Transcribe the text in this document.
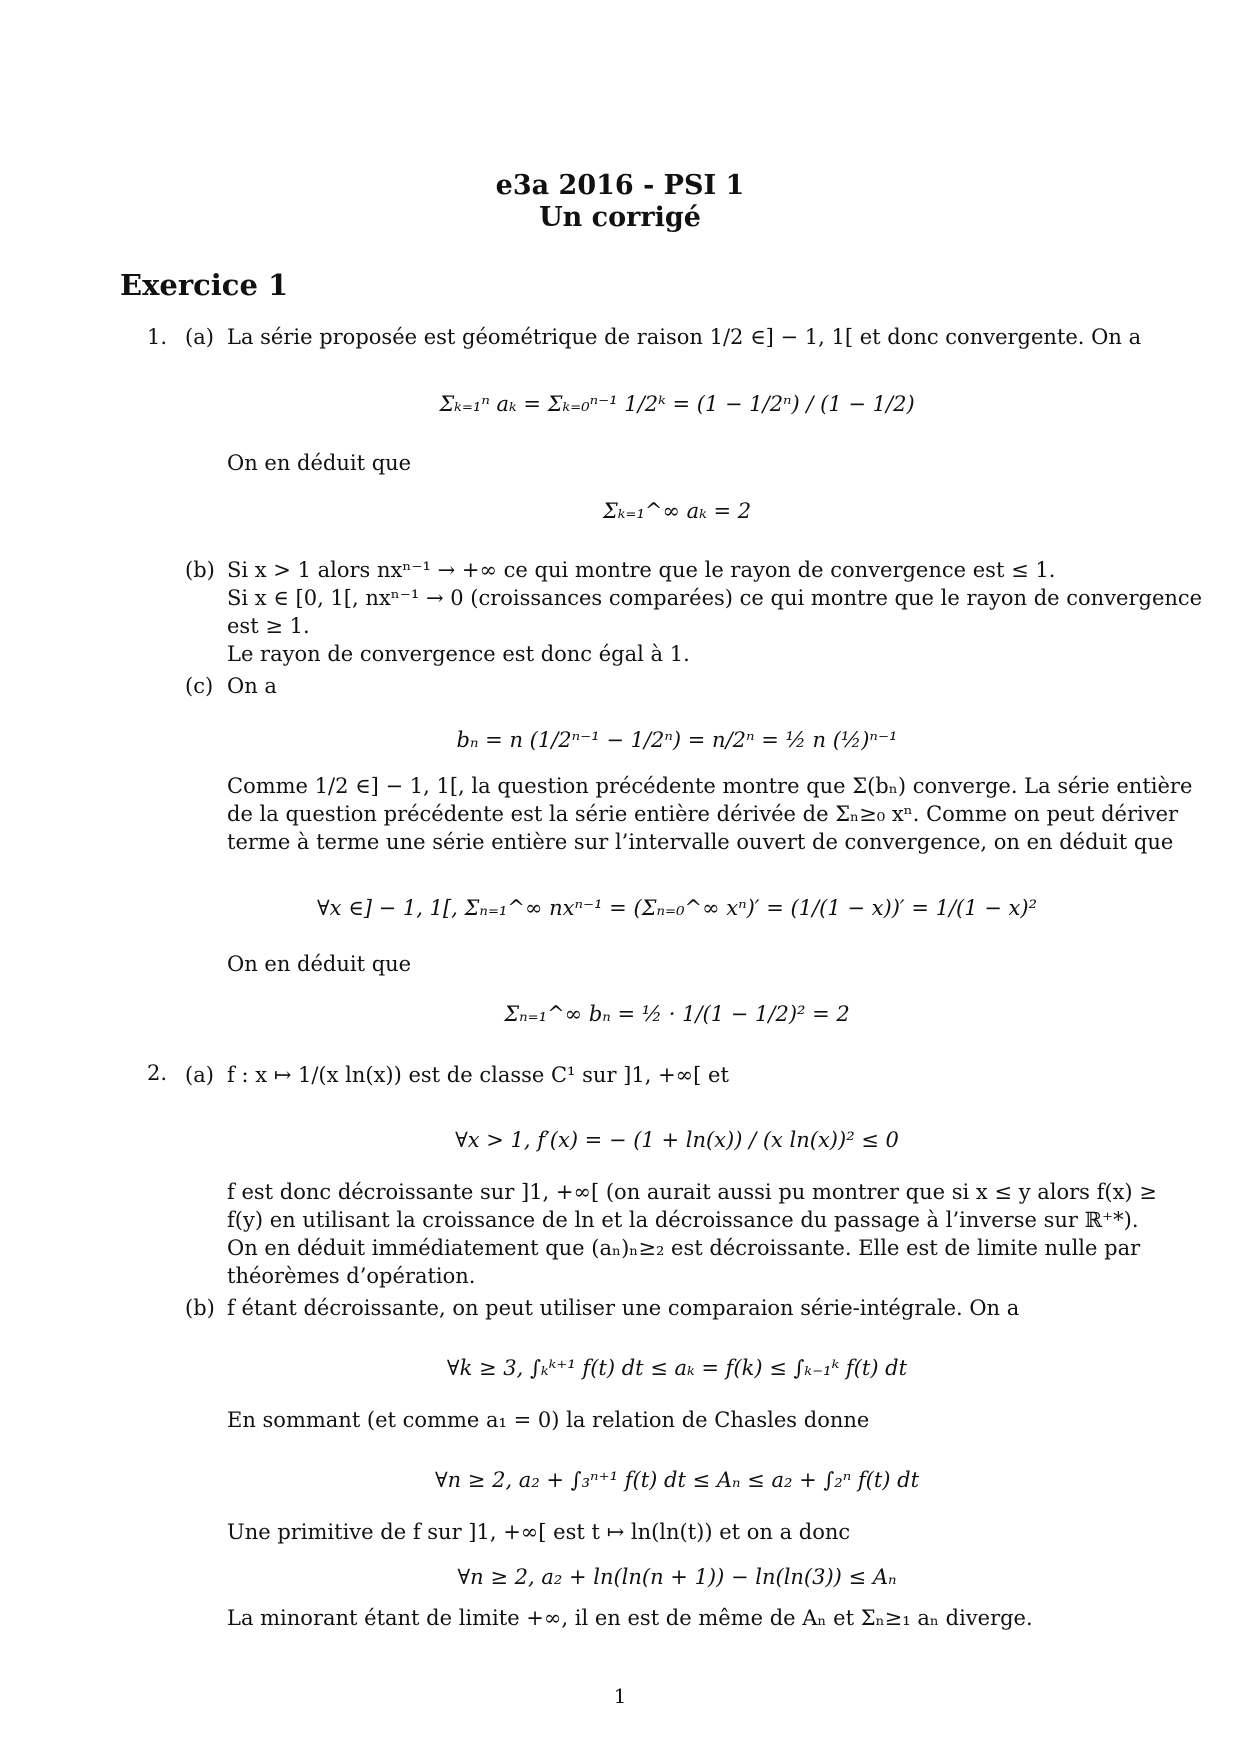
e3a 2016 - PSI 1
Un corrigé
Exercice 1
1. (a) La série proposée est géométrique de raison 1/2 ∈] − 1, 1[ et donc convergente. On a
Σₖ₌₁ⁿ aₖ = Σₖ₌₀ⁿ⁻¹ 1/2ᵏ = (1 − 1/2ⁿ) / (1 − 1/2)
On en déduit que
Σₖ₌₁^∞ aₖ = 2
(b) Si x > 1 alors nxⁿ⁻¹ → +∞ ce qui montre que le rayon de convergence est ≤ 1.
Si x ∈ [0, 1[, nxⁿ⁻¹ → 0 (croissances comparées) ce qui montre que le rayon de convergence
est ≥ 1.
Le rayon de convergence est donc égal à 1.
(c) On a
bₙ = n (1/2ⁿ⁻¹ − 1/2ⁿ) = n/2ⁿ = ½ n (½)ⁿ⁻¹
Comme 1/2 ∈] − 1, 1[, la question précédente montre que Σ(bₙ) converge. La série entière
de la question précédente est la série entière dérivée de Σₙ≥₀ xⁿ. Comme on peut dériver
terme à terme une série entière sur l’intervalle ouvert de convergence, on en déduit que
∀x ∈] − 1, 1[, Σₙ₌₁^∞ nxⁿ⁻¹ = (Σₙ₌₀^∞ xⁿ)′ = (1/(1 − x))′ = 1/(1 − x)²
On en déduit que
Σₙ₌₁^∞ bₙ = ½ · 1/(1 − 1/2)² = 2
2. (a) f : x ↦ 1/(x ln(x)) est de classe C¹ sur ]1, +∞[ et
∀x > 1, f′(x) = − (1 + ln(x)) / (x ln(x))² ≤ 0
f est donc décroissante sur ]1, +∞[ (on aurait aussi pu montrer que si x ≤ y alors f(x) ≥
f(y) en utilisant la croissance de ln et la décroissance du passage à l’inverse sur ℝ⁺*).
On en déduit immédiatement que (aₙ)ₙ≥₂ est décroissante. Elle est de limite nulle par
théorèmes d’opération.
(b) f étant décroissante, on peut utiliser une comparaion série-intégrale. On a
∀k ≥ 3, ∫ₖᵏ⁺¹ f(t) dt ≤ aₖ = f(k) ≤ ∫ₖ₋₁ᵏ f(t) dt
En sommant (et comme a₁ = 0) la relation de Chasles donne
∀n ≥ 2, a₂ + ∫₃ⁿ⁺¹ f(t) dt ≤ Aₙ ≤ a₂ + ∫₂ⁿ f(t) dt
Une primitive de f sur ]1, +∞[ est t ↦ ln(ln(t)) et on a donc
∀n ≥ 2, a₂ + ln(ln(n + 1)) − ln(ln(3)) ≤ Aₙ
La minorant étant de limite +∞, il en est de même de Aₙ et Σₙ≥₁ aₙ diverge.
1
